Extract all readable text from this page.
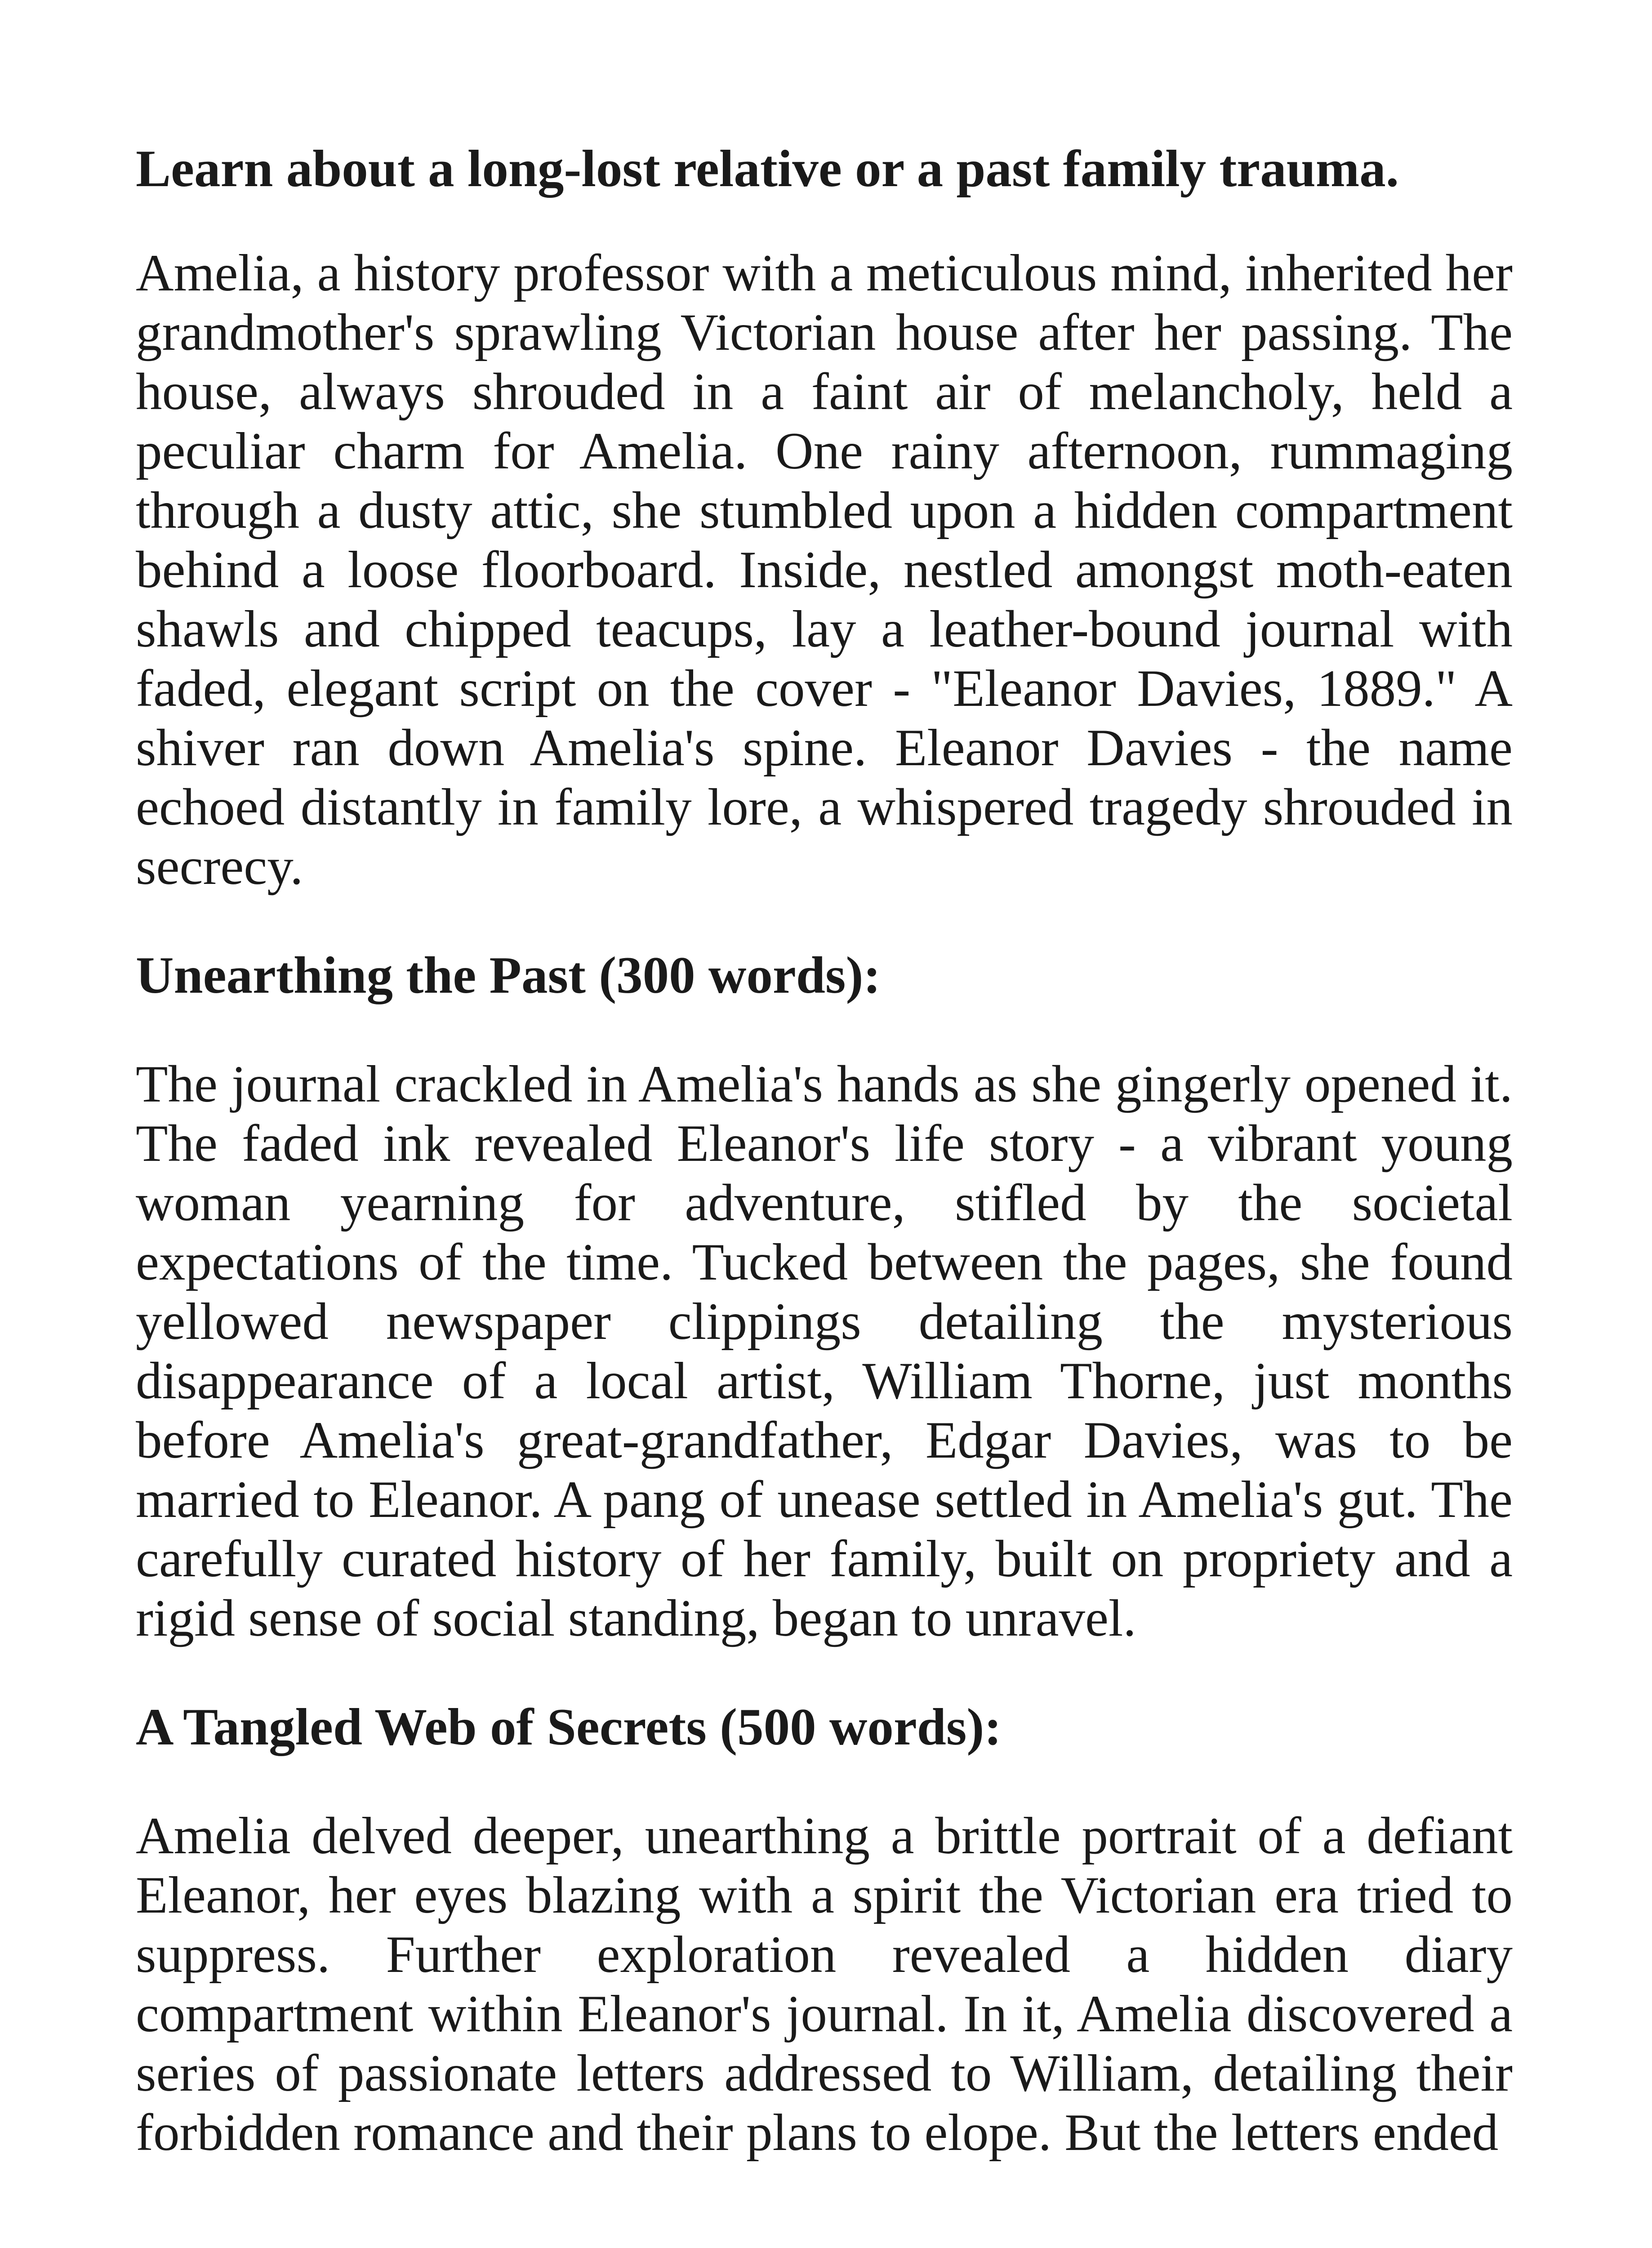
Learn about a long-lost relative or a past family trauma.

Amelia, a history professor with a meticulous mind, inherited her grandmother's sprawling Victorian house after her passing. The house, always shrouded in a faint air of melancholy, held a peculiar charm for Amelia. One rainy afternoon, rummaging through a dusty attic, she stumbled upon a hidden compartment behind a loose floorboard. Inside, nestled amongst moth-eaten shawls and chipped teacups, lay a leather-bound journal with faded, elegant script on the cover - "Eleanor Davies, 1889." A shiver ran down Amelia's spine. Eleanor Davies - the name echoed distantly in family lore, a whispered tragedy shrouded in secrecy.

Unearthing the Past (300 words):

The journal crackled in Amelia's hands as she gingerly opened it. The faded ink revealed Eleanor's life story - a vibrant young woman yearning for adventure, stifled by the societal expectations of the time. Tucked between the pages, she found yellowed newspaper clippings detailing the mysterious disappearance of a local artist, William Thorne, just months before Amelia's great-grandfather, Edgar Davies, was to be married to Eleanor. A pang of unease settled in Amelia's gut. The carefully curated history of her family, built on propriety and a rigid sense of social standing, began to unravel.

A Tangled Web of Secrets (500 words):

Amelia delved deeper, unearthing a brittle portrait of a defiant Eleanor, her eyes blazing with a spirit the Victorian era tried to suppress. Further exploration revealed a hidden diary compartment within Eleanor's journal. In it, Amelia discovered a series of passionate letters addressed to William, detailing their forbidden romance and their plans to elope. But the letters ended
